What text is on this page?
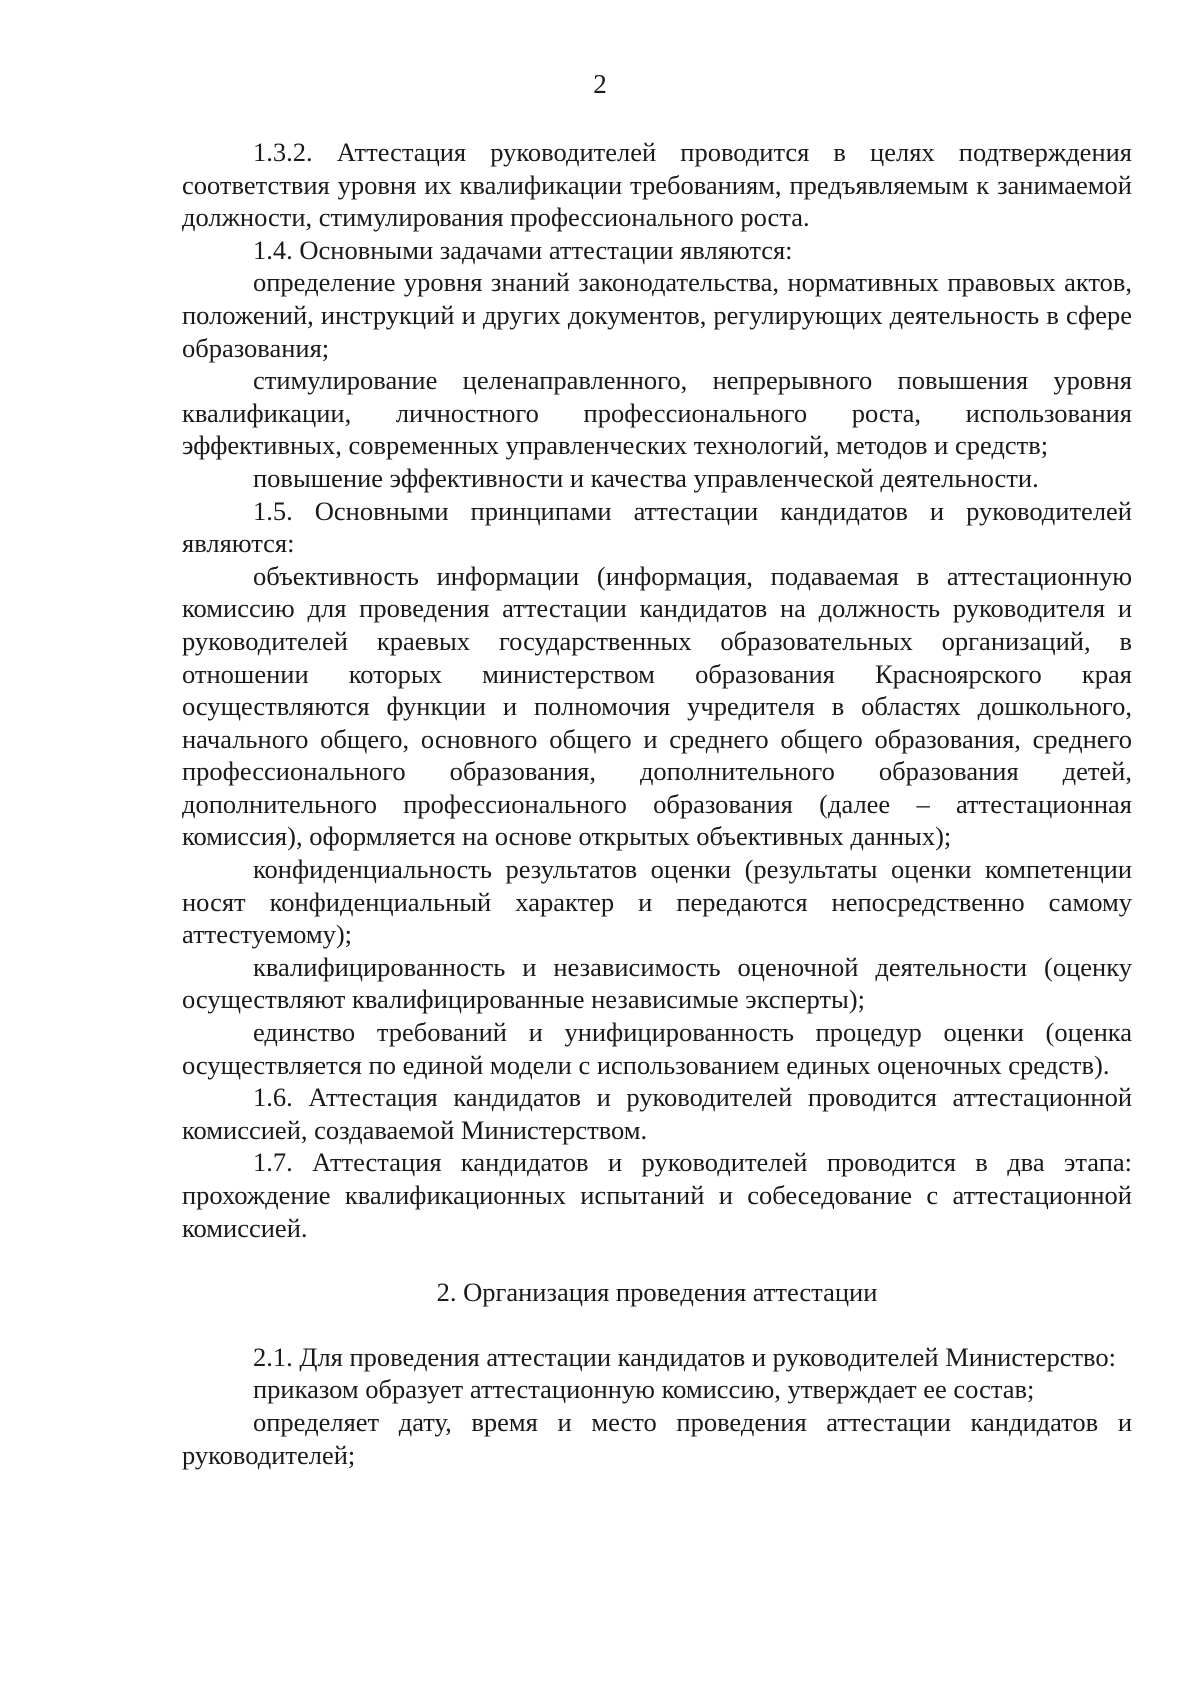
2

1.3.2. Аттестация руководителей проводится в целях подтверждения соответствия уровня их квалификации требованиям, предъявляемым к занимаемой должности, стимулирования профессионального роста.

1.4. Основными задачами аттестации являются:

определение уровня знаний законодательства, нормативных правовых актов, положений, инструкций и других документов, регулирующих деятельность в сфере образования;

стимулирование целенаправленного, непрерывного повышения уровня квалификации, личностного профессионального роста, использования эффективных, современных управленческих технологий, методов и средств;

повышение эффективности и качества управленческой деятельности.

1.5. Основными принципами аттестации кандидатов и руководителей являются:

объективность информации (информация, подаваемая в аттестационную комиссию для проведения аттестации кандидатов на должность руководителя и руководителей краевых государственных образовательных организаций, в отношении которых министерством образования Красноярского края осуществляются функции и полномочия учредителя в областях дошкольного, начального общего, основного общего и среднего общего образования, среднего профессионального образования, дополнительного образования детей, дополнительного профессионального образования (далее – аттестационная комиссия), оформляется на основе открытых объективных данных);

конфиденциальность результатов оценки (результаты оценки компетенции носят конфиденциальный характер и передаются непосредственно самому аттестуемому);

квалифицированность и независимость оценочной деятельности (оценку осуществляют квалифицированные независимые эксперты);

единство требований и унифицированность процедур оценки (оценка осуществляется по единой модели с использованием единых оценочных средств).

1.6. Аттестация кандидатов и руководителей проводится аттестационной комиссией, создаваемой Министерством.

1.7. Аттестация кандидатов и руководителей проводится в два этапа: прохождение квалификационных испытаний и собеседование с аттестационной комиссией.

2. Организация проведения аттестации

2.1. Для проведения аттестации кандидатов и руководителей Министерство:

приказом образует аттестационную комиссию, утверждает ее состав;

определяет дату, время и место проведения аттестации кандидатов и руководителей;
